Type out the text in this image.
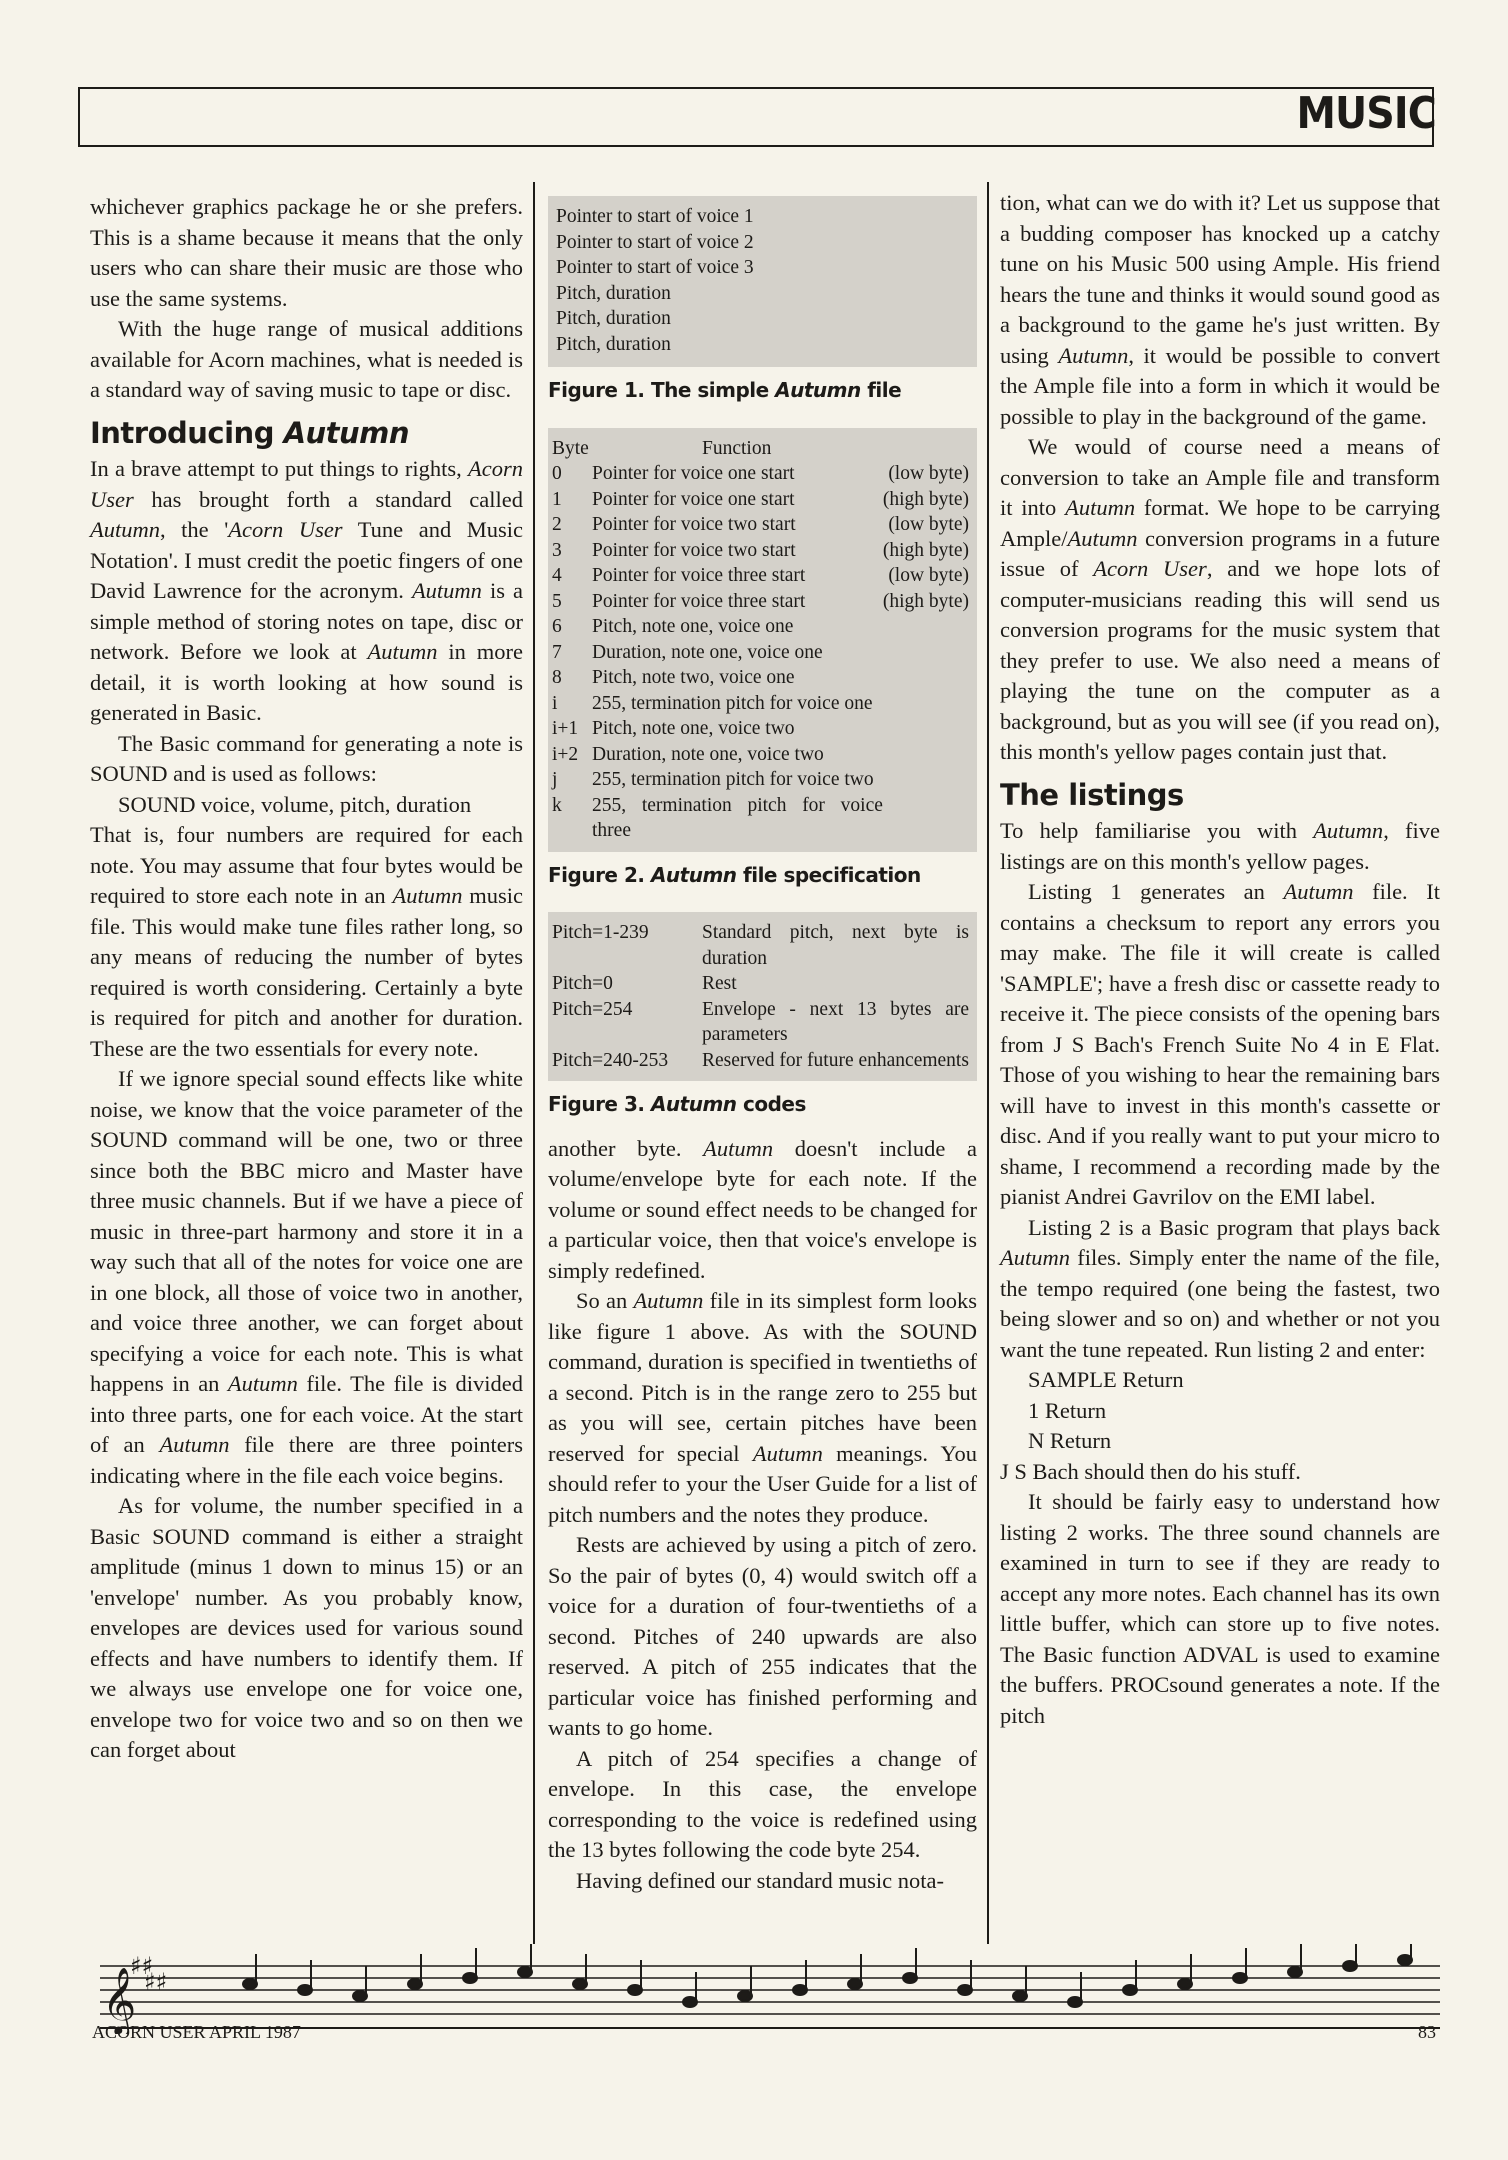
MUSIC

whichever graphics package he or she prefers. This is a shame because it means that the only users who can share their music are those who use the same systems.

With the huge range of musical additions available for Acorn machines, what is needed is a standard way of saving music to tape or disc.

Introducing Autumn

In a brave attempt to put things to rights, Acorn User has brought forth a standard called Autumn, the 'Acorn User Tune and Music Notation'. I must credit the poetic fingers of one David Lawrence for the acronym. Autumn is a simple method of storing notes on tape, disc or network. Before we look at Autumn in more detail, it is worth looking at how sound is generated in Basic.

The Basic command for generating a note is SOUND and is used as follows:

SOUND voice, volume, pitch, duration

That is, four numbers are required for each note. You may assume that four bytes would be required to store each note in an Autumn music file. This would make tune files rather long, so any means of reducing the number of bytes required is worth considering. Certainly a byte is required for pitch and another for duration. These are the two essentials for every note.

If we ignore special sound effects like white noise, we know that the voice parameter of the SOUND command will be one, two or three since both the BBC micro and Master have three music channels. But if we have a piece of music in three-part harmony and store it in a way such that all of the notes for voice one are in one block, all those of voice two in another, and voice three another, we can forget about specifying a voice for each note. This is what happens in an Autumn file. The file is divided into three parts, one for each voice. At the start of an Autumn file there are three pointers indicating where in the file each voice begins.

As for volume, the number specified in a Basic SOUND command is either a straight amplitude (minus 1 down to minus 15) or an 'envelope' number. As you probably know, envelopes are devices used for various sound effects and have numbers to identify them. If we always use envelope one for voice one, envelope two for voice two and so on then we can forget about

Pointer to start of voice 1
Pointer to start of voice 2
Pointer to start of voice 3
Pitch, duration
Pitch, duration
Pitch, duration
Figure 1. The simple Autumn file
Byte	Function	
0	Pointer for voice one start	(low byte)
1	Pointer for voice one start	(high byte)
2	Pointer for voice two start	(low byte)
3	Pointer for voice two start	(high byte)
4	Pointer for voice three start	(low byte)
5	Pointer for voice three start	(high byte)
6	Pitch, note one, voice one	
7	Duration, note one, voice one	
8	Pitch, note two, voice one	
i	255, termination pitch for voice one	
i+1	Pitch, note one, voice two	
i+2	Duration, note one, voice two	
j	255, termination pitch for voice two	
k	255, termination pitch for voice three	
Figure 2. Autumn file specification
Pitch=1-239	Standard pitch, next byte is duration
Pitch=0	Rest
Pitch=254	Envelope - next 13 bytes are parameters
Pitch=240-253	Reserved for future enhancements
Figure 3. Autumn codes

another byte. Autumn doesn't include a volume/envelope byte for each note. If the volume or sound effect needs to be changed for a particular voice, then that voice's envelope is simply redefined.

So an Autumn file in its simplest form looks like figure 1 above. As with the SOUND command, duration is specified in twentieths of a second. Pitch is in the range zero to 255 but as you will see, certain pitches have been reserved for special Autumn meanings. You should refer to your the User Guide for a list of pitch numbers and the notes they produce.

Rests are achieved by using a pitch of zero. So the pair of bytes (0, 4) would switch off a voice for a duration of four-twentieths of a second. Pitches of 240 upwards are also reserved. A pitch of 255 indicates that the particular voice has finished performing and wants to go home.

A pitch of 254 specifies a change of envelope. In this case, the envelope corresponding to the voice is redefined using the 13 bytes following the code byte 254.

Having defined our standard music nota-

tion, what can we do with it? Let us suppose that a budding composer has knocked up a catchy tune on his Music 500 using Ample. His friend hears the tune and thinks it would sound good as a background to the game he's just written. By using Autumn, it would be possible to convert the Ample file into a form in which it would be possible to play in the background of the game.

We would of course need a means of conversion to take an Ample file and transform it into Autumn format. We hope to be carrying Ample/Autumn conversion programs in a future issue of Acorn User, and we hope lots of computer-musicians reading this will send us conversion programs for the music system that they prefer to use. We also need a means of playing the tune on the computer as a background, but as you will see (if you read on), this month's yellow pages contain just that.

The listings

To help familiarise you with Autumn, five listings are on this month's yellow pages.

Listing 1 generates an Autumn file. It contains a checksum to report any errors you may make. The file it will create is called 'SAMPLE'; have a fresh disc or cassette ready to receive it. The piece consists of the opening bars from J S Bach's French Suite No 4 in E Flat. Those of you wishing to hear the remaining bars will have to invest in this month's cassette or disc. And if you really want to put your micro to shame, I recommend a recording made by the pianist Andrei Gavrilov on the EMI label.

Listing 2 is a Basic program that plays back Autumn files. Simply enter the name of the file, the tempo required (one being the fastest, two being slower and so on) and whether or not you want the tune repeated. Run listing 2 and enter:

SAMPLE Return

1 Return

N Return

J S Bach should then do his stuff.

It should be fairly easy to understand how listing 2 works. The three sound channels are examined in turn to see if they are ready to accept any more notes. Each channel has its own little buffer, which can store up to five notes. The Basic function ADVAL is used to examine the buffers. PROCsound generates a note. If the pitch

𝄞
♯♯
♯♯
ACORN USER APRIL 1987	83
